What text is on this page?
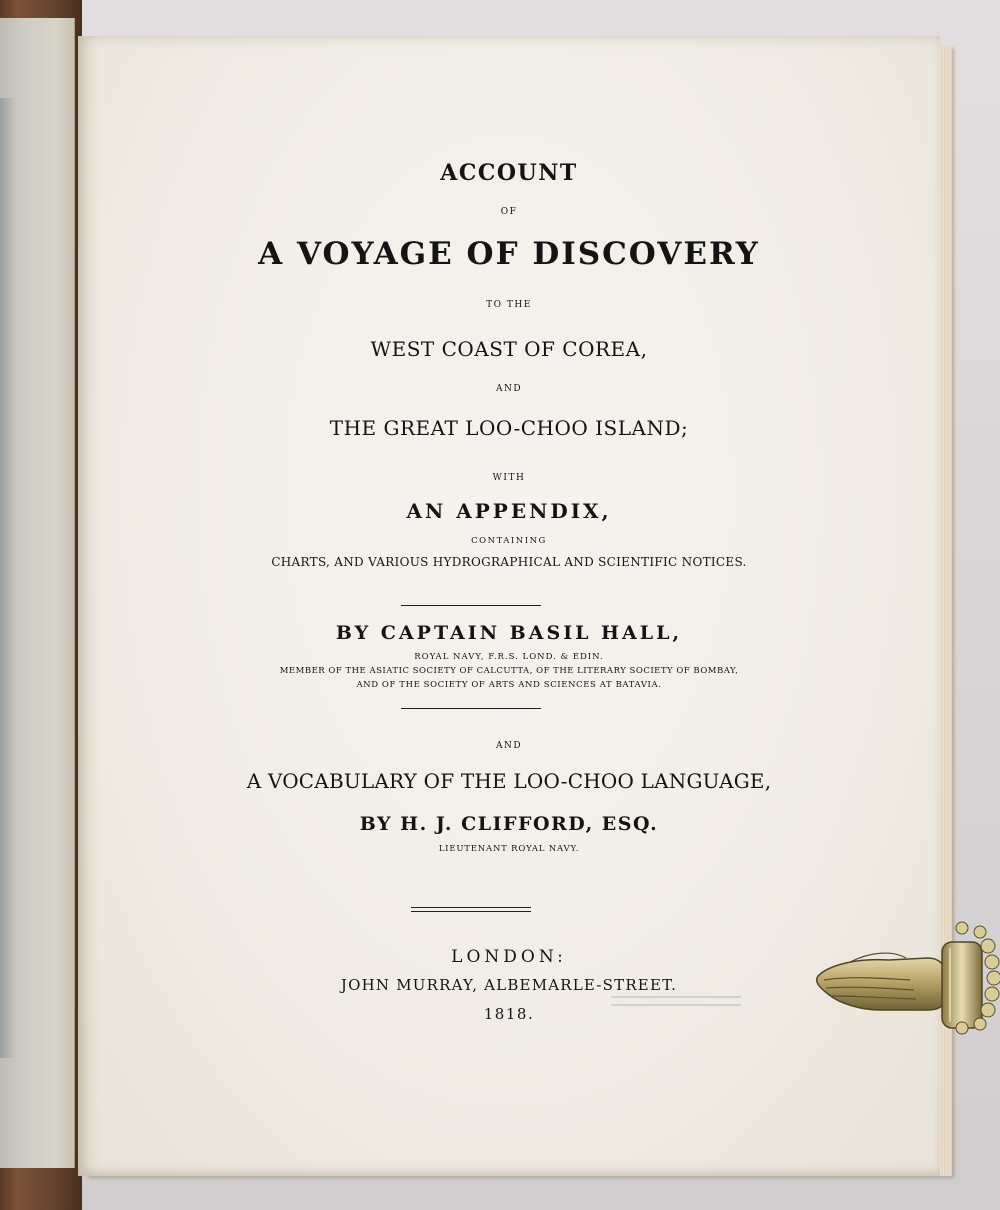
ACCOUNT
OF
A VOYAGE OF DISCOVERY
TO THE
WEST COAST OF COREA,
AND
THE GREAT LOO-CHOO ISLAND;
WITH
AN APPENDIX,
CONTAINING
CHARTS, AND VARIOUS HYDROGRAPHICAL AND SCIENTIFIC NOTICES.
BY CAPTAIN BASIL HALL,
ROYAL NAVY, F.R.S. LOND. & EDIN.
MEMBER OF THE ASIATIC SOCIETY OF CALCUTTA, OF THE LITERARY SOCIETY OF BOMBAY,
AND OF THE SOCIETY OF ARTS AND SCIENCES AT BATAVIA.
AND
A VOCABULARY OF THE LOO-CHOO LANGUAGE,
BY H. J. CLIFFORD, ESQ.
LIEUTENANT ROYAL NAVY.
LONDON:
JOHN MURRAY, ALBEMARLE-STREET.
1818.
